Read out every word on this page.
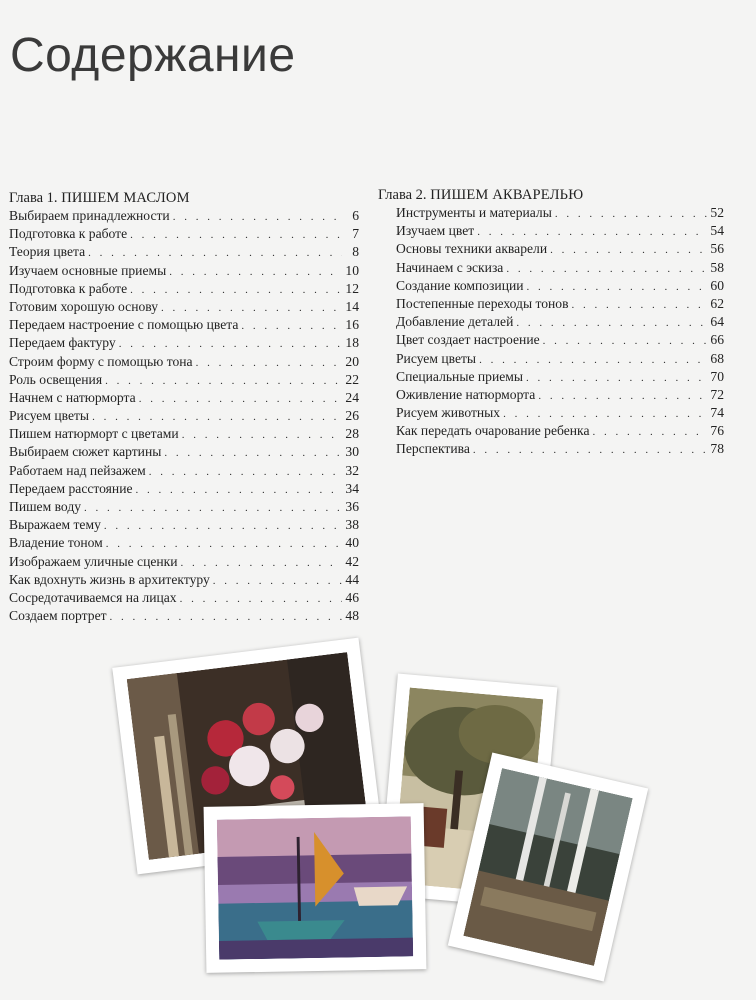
Содержание
Глава 1. ПИШЕМ МАСЛОМ
Выбираем принадлежности . . .	6
Подготовка к работе . . .	7
Теория цвета . . .	8
Изучаем основные приемы . . .	10
Подготовка к работе . . .	12
Готовим хорошую основу . . .	14
Передаем настроение с помощью цвета . . .	16
Передаем фактуру . . .	18
Строим форму с помощью тона . . .	20
Роль освещения . . .	22
Начнем с натюрморта . . .	24
Рисуем цветы . . .	26
Пишем натюрморт с цветами . . .	28
Выбираем сюжет картины . . .	30
Работаем над пейзажем . . .	32
Передаем расстояние . . .	34
Пишем воду . . .	36
Выражаем тему . . .	38
Владение тоном . . .	40
Изображаем уличные сценки . . .	42
Как вдохнуть жизнь в архитектуру . . .	44
Сосредотачиваемся на лицах . . .	46
Создаем портрет . . .	48
Глава 2. ПИШЕМ АКВАРЕЛЬЮ
Инструменты и материалы . . .	52
Изучаем цвет . . .	54
Основы техники акварели . . .	56
Начинаем с эскиза . . .	58
Создание композиции . . .	60
Постепенные переходы тонов . . .	62
Добавление деталей . . .	64
Цвет создает настроение . . .	66
Рисуем цветы . . .	68
Специальные приемы . . .	70
Оживление натюрморта . . .	72
Рисуем животных . . .	74
Как передать очарование ребенка . . .	76
Перспектива . . .	78
